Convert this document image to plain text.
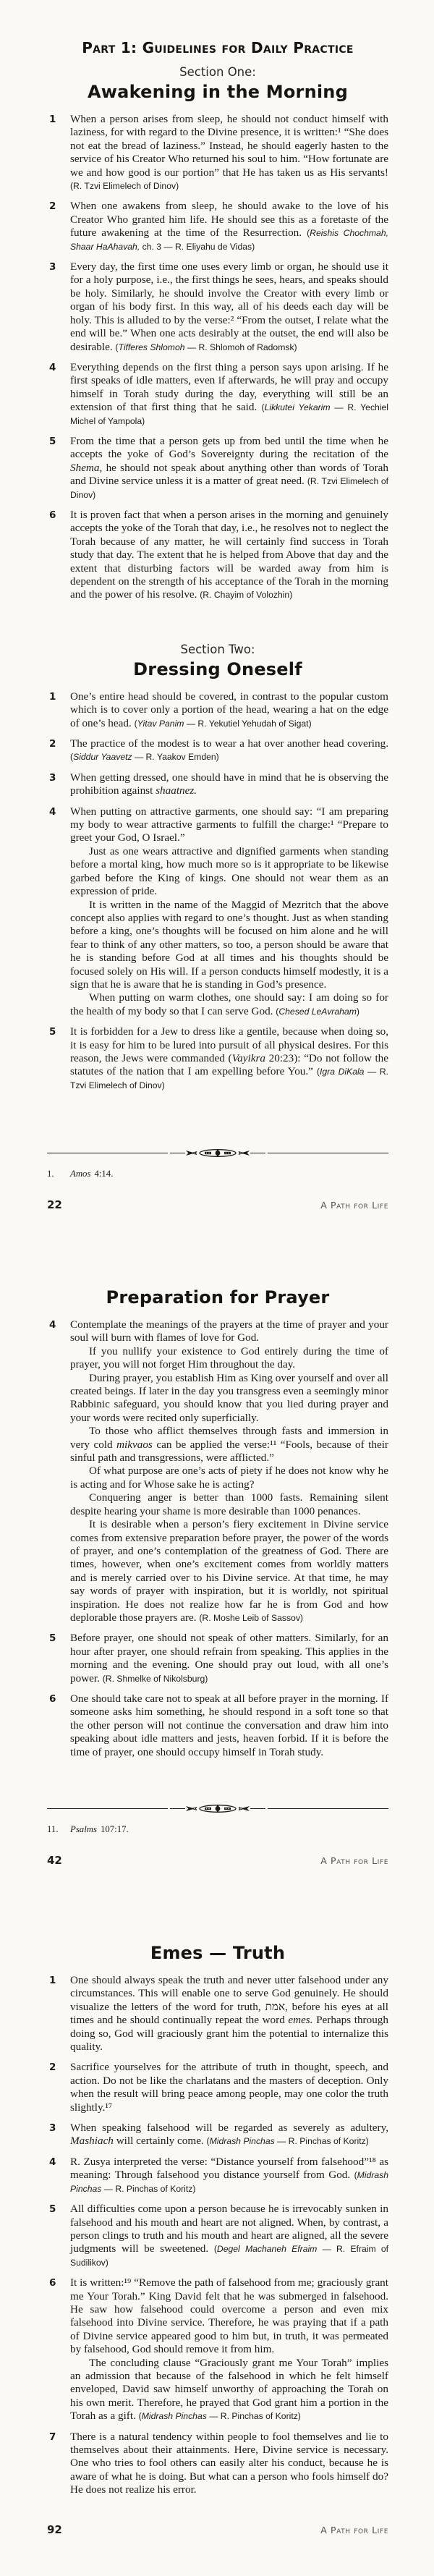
Part 1: Guidelines for Daily Practice
Section One:
Awakening in the Morning
1 When a person arises from sleep, he should not conduct himself with laziness, for with regard to the Divine presence, it is written:¹ “She does not eat the bread of laziness.” Instead, he should eagerly hasten to the service of his Creator Who returned his soul to him. “How fortunate are we and how good is our portion” that He has taken us as His servants! (R. Tzvi Elimelech of Dinov)

2 When one awakens from sleep, he should awake to the love of his Creator Who granted him life. He should see this as a foretaste of the future awakening at the time of the Resurrection. (Reishis Chochmah, Shaar HaAhavah, ch. 3 — R. Eliyahu de Vidas)

3 Every day, the first time one uses every limb or organ, he should use it for a holy purpose, i.e., the first things he sees, hears, and speaks should be holy. Similarly, he should involve the Creator with every limb or organ of his body first. In this way, all of his deeds each day will be holy. This is alluded to by the verse:² “From the outset, I relate what the end will be.” When one acts desirably at the outset, the end will also be desirable. (Tifferes Shlomoh — R. Shlomoh of Radomsk)

4 Everything depends on the first thing a person says upon arising. If he first speaks of idle matters, even if afterwards, he will pray and occupy himself in Torah study during the day, everything will still be an extension of that first thing that he said. (Likkutei Yekarim — R. Yechiel Michel of Yampola)

5 From the time that a person gets up from bed until the time when he accepts the yoke of God’s Sovereignty during the recitation of the Shema, he should not speak about anything other than words of Torah and Divine service unless it is a matter of great need. (R. Tzvi Elimelech of Dinov)

6 It is proven fact that when a person arises in the morning and genuinely accepts the yoke of the Torah that day, i.e., he resolves not to neglect the Torah because of any matter, he will certainly find success in Torah study that day. The extent that he is helped from Above that day and the extent that disturbing factors will be warded away from him is dependent on the strength of his acceptance of the Torah in the morning and the power of his resolve. (R. Chayim of Volozhin)

Section Two:
Dressing Oneself
1 One’s entire head should be covered, in contrast to the popular custom which is to cover only a portion of the head, wearing a hat on the edge of one’s head. (Yitav Panim — R. Yekutiel Yehudah of Sigat)

2 The practice of the modest is to wear a hat over another head covering. (Siddur Yaavetz — R. Yaakov Emden)

3 When getting dressed, one should have in mind that he is observing the prohibition against shaatnez.

4 When putting on attractive garments, one should say: “I am preparing my body to wear attractive garments to fulfill the charge:¹ “Prepare to greet your God, O Israel.”

Just as one wears attractive and dignified garments when standing before a mortal king, how much more so is it appropriate to be likewise garbed before the King of kings. One should not wear them as an expression of pride.

It is written in the name of the Maggid of Mezritch that the above concept also applies with regard to one’s thought. Just as when standing before a king, one’s thoughts will be focused on him alone and he will fear to think of any other matters, so too, a person should be aware that he is standing before God at all times and his thoughts should be focused solely on His will. If a person conducts himself modestly, it is a sign that he is aware that he is standing in God’s presence.

When putting on warm clothes, one should say: I am doing so for the health of my body so that I can serve God. (Chesed LeAvraham)

5 It is forbidden for a Jew to dress like a gentile, because when doing so, it is easy for him to be lured into pursuit of all physical desires. For this reason, the Jews were commanded (Vayikra 20:23): “Do not follow the statutes of the nation that I am expelling before You.” (Igra DiKala — R. Tzvi Elimelech of Dinov)

1.	Amos 4:14.
22	A Path for Life
Preparation for Prayer
4 Contemplate the meanings of the prayers at the time of prayer and your soul will burn with flames of love for God.

If you nullify your existence to God entirely during the time of prayer, you will not forget Him throughout the day.

During prayer, you establish Him as King over yourself and over all created beings. If later in the day you transgress even a seemingly minor Rabbinic safeguard, you should know that you lied during prayer and your words were recited only superficially.

To those who afflict themselves through fasts and immersion in very cold mikvaos can be applied the verse:¹¹ “Fools, because of their sinful path and transgressions, were afflicted.”

Of what purpose are one’s acts of piety if he does not know why he is acting and for Whose sake he is acting?

Conquering anger is better than 1000 fasts. Remaining silent despite hearing your shame is more desirable than 1000 penances.

It is desirable when a person’s fiery excitement in Divine service comes from extensive preparation before prayer, the power of the words of prayer, and one’s contemplation of the greatness of God. There are times, however, when one’s excitement comes from worldly matters and is merely carried over to his Divine service. At that time, he may say words of prayer with inspiration, but it is worldly, not spiritual inspiration. He does not realize how far he is from God and how deplorable those prayers are. (R. Moshe Leib of Sassov)

5 Before prayer, one should not speak of other matters. Similarly, for an hour after prayer, one should refrain from speaking. This applies in the morning and the evening. One should pray out loud, with all one’s power. (R. Shmelke of Nikolsburg)

6 One should take care not to speak at all before prayer in the morning. If someone asks him something, he should respond in a soft tone so that the other person will not continue the conversation and draw him into speaking about idle matters and jests, heaven forbid. If it is before the time of prayer, one should occupy himself in Torah study.

11.	Psalms 107:17.
42	A Path for Life
Emes — Truth
1 One should always speak the truth and never utter falsehood under any circumstances. This will enable one to serve God genuinely. He should visualize the letters of the word for truth, אמת, before his eyes at all times and he should continually repeat the word emes. Perhaps through doing so, God will graciously grant him the potential to internalize this quality.

2 Sacrifice yourselves for the attribute of truth in thought, speech, and action. Do not be like the charlatans and the masters of deception. Only when the result will bring peace among people, may one color the truth slightly.¹⁷

3 When speaking falsehood will be regarded as severely as adultery, Mashiach will certainly come. (Midrash Pinchas — R. Pinchas of Koritz)

4 R. Zusya interpreted the verse: “Distance yourself from falsehood”¹⁸ as meaning: Through falsehood you distance yourself from God. (Midrash Pinchas — R. Pinchas of Koritz)

5 All difficulties come upon a person because he is irrevocably sunken in falsehood and his mouth and heart are not aligned. When, by contrast, a person clings to truth and his mouth and heart are aligned, all the severe judgments will be sweetened. (Degel Machaneh Efraim — R. Efraim of Sudilikov)

6 It is written:¹⁹ “Remove the path of falsehood from me; graciously grant me Your Torah.” King David felt that he was submerged in falsehood. He saw how falsehood could overcome a person and even mix falsehood into Divine service. Therefore, he was praying that if a path of Divine service appeared good to him but, in truth, it was permeated by falsehood, God should remove it from him.

The concluding clause “Graciously grant me Your Torah” implies an admission that because of the falsehood in which he felt himself enveloped, David saw himself unworthy of approaching the Torah on his own merit. Therefore, he prayed that God grant him a portion in the Torah as a gift. (Midrash Pinchas — R. Pinchas of Koritz)

7 There is a natural tendency within people to fool themselves and lie to themselves about their attainments. Here, Divine service is necessary. One who tries to fool others can easily alter his conduct, because he is aware of what he is doing. But what can a person who fools himself do? He does not realize his error.

92	A Path for Life
